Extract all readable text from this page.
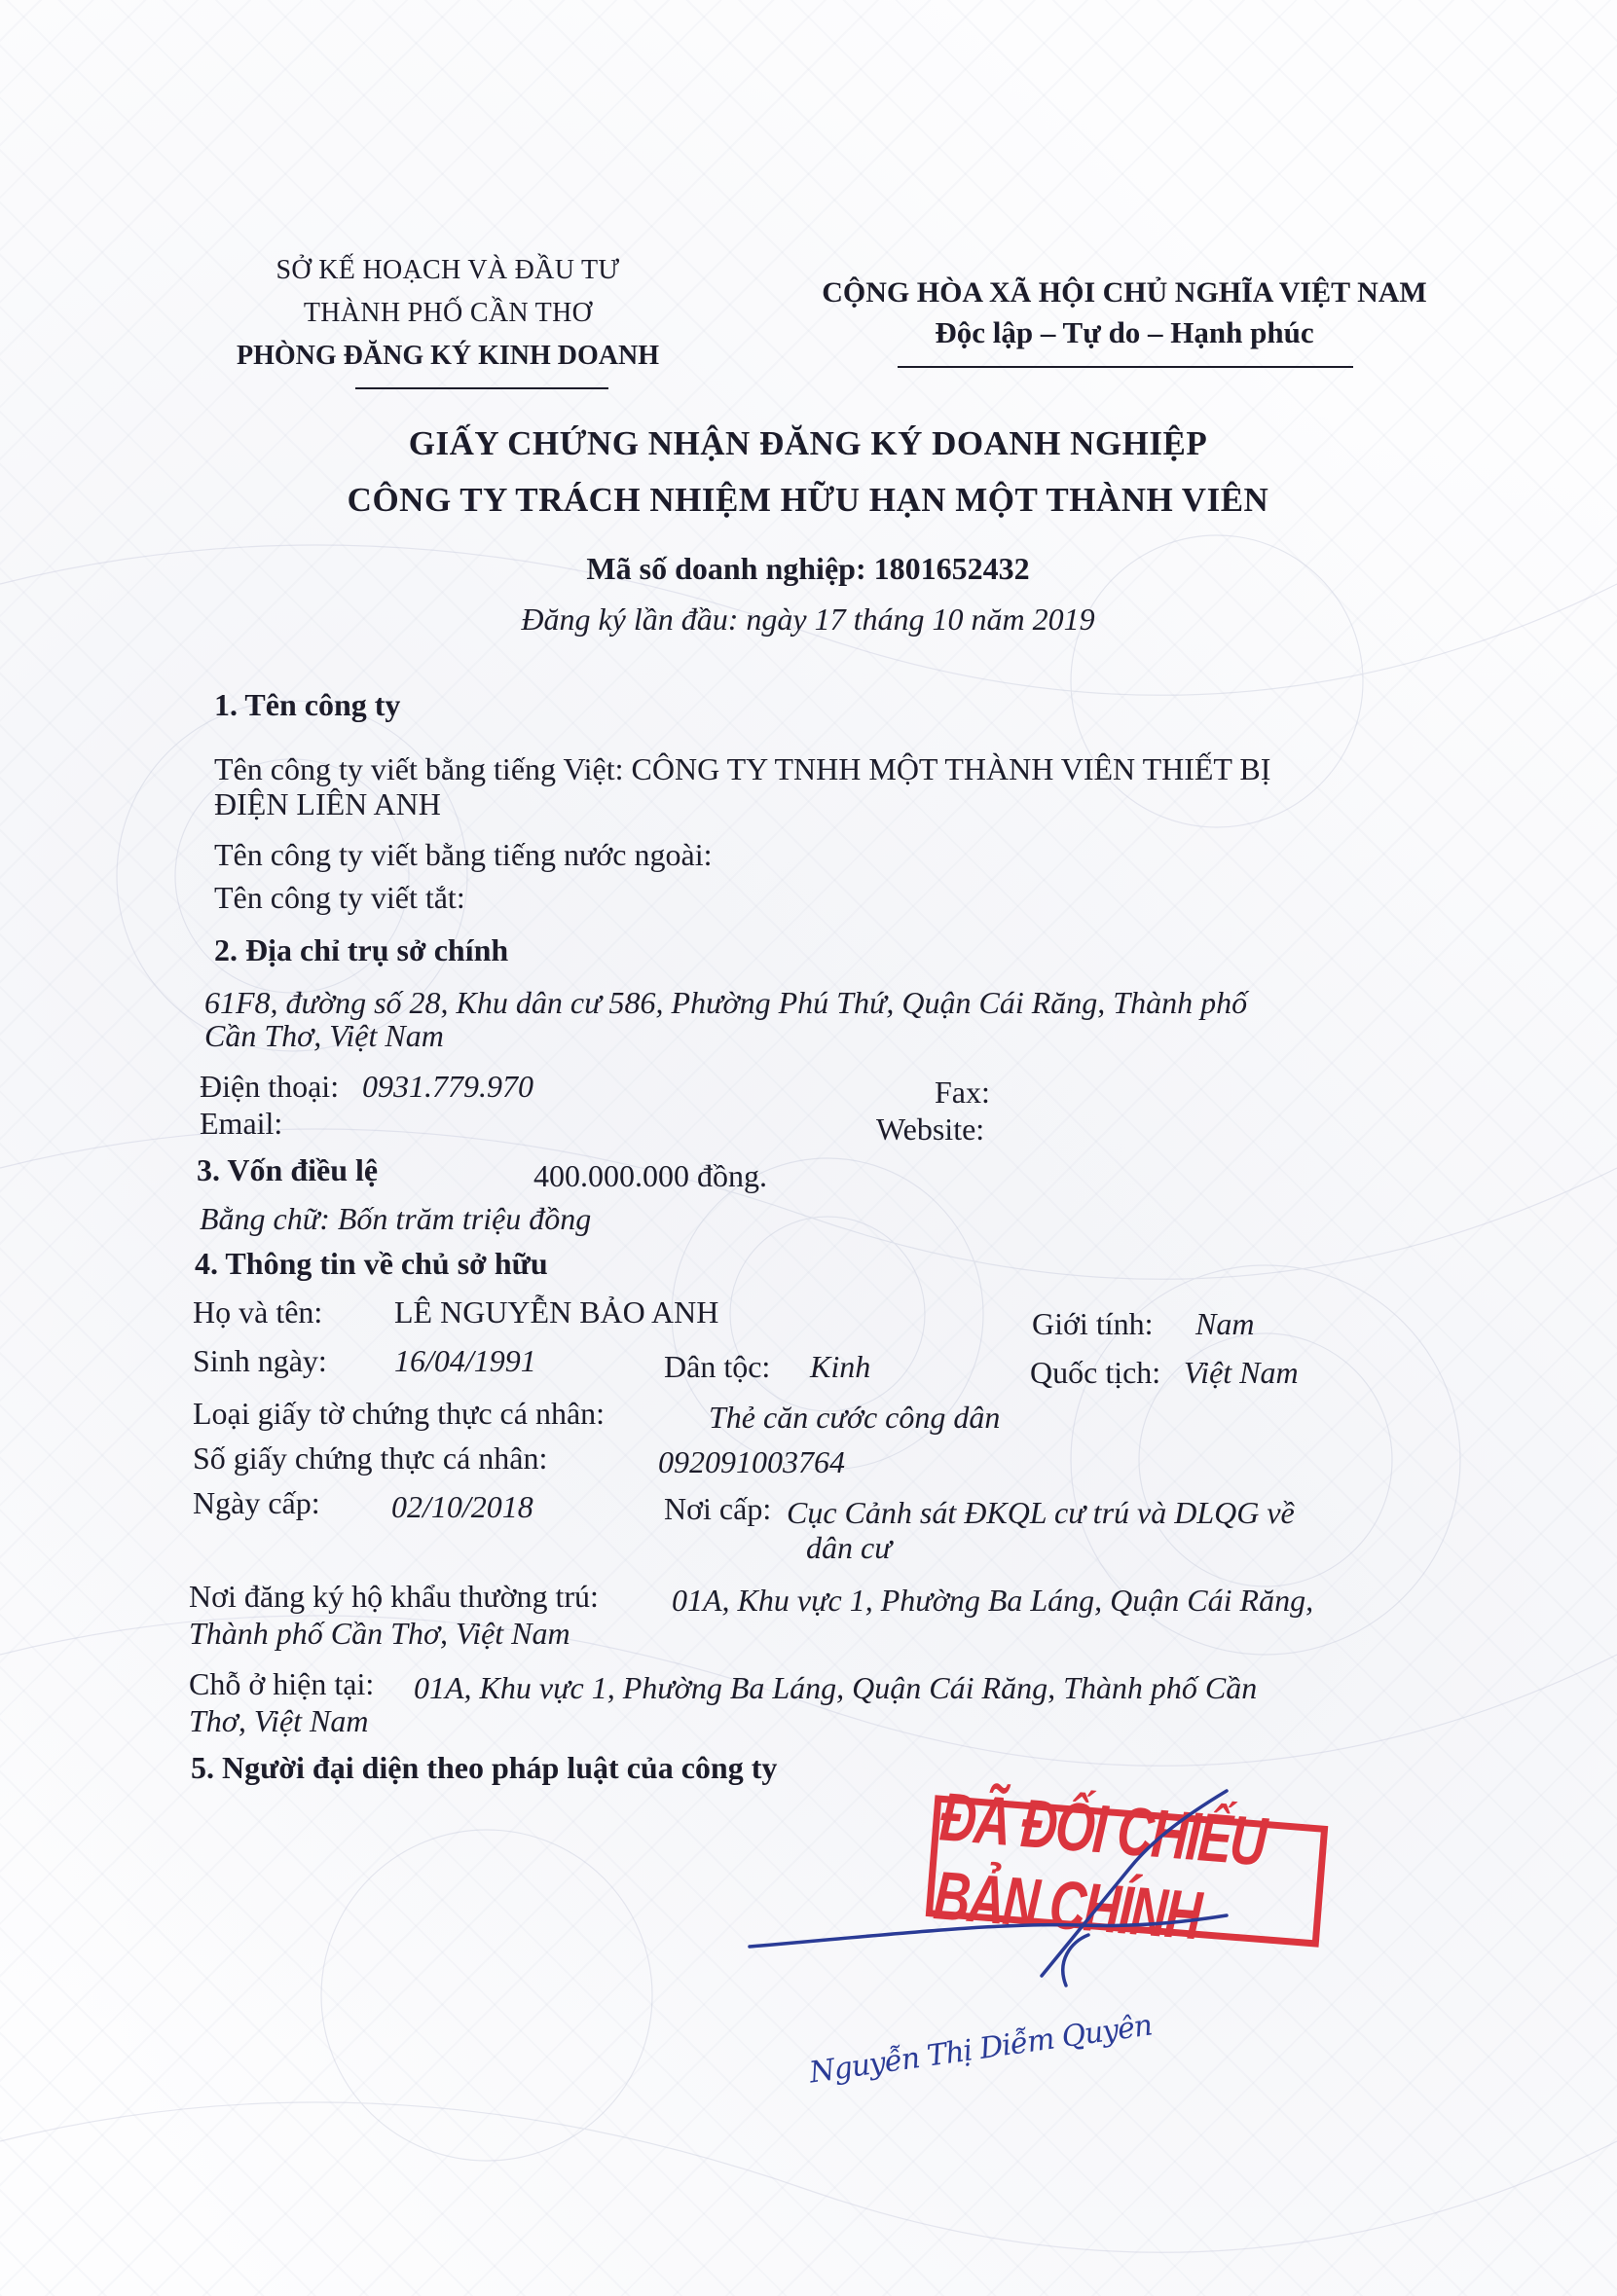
SỞ KẾ HOẠCH VÀ ĐẦU TƯ
THÀNH PHỐ CẦN THƠ
PHÒNG ĐĂNG KÝ KINH DOANH
CỘNG HÒA XÃ HỘI CHỦ NGHĨA VIỆT NAM
Độc lập – Tự do – Hạnh phúc
GIẤY CHỨNG NHẬN ĐĂNG KÝ DOANH NGHIỆP
CÔNG TY TRÁCH NHIỆM HỮU HẠN MỘT THÀNH VIÊN
Mã số doanh nghiệp: 1801652432
Đăng ký lần đầu: ngày 17 tháng 10 năm 2019
1. Tên công ty
Tên công ty viết bằng tiếng Việt: CÔNG TY TNHH MỘT THÀNH VIÊN THIẾT BỊ
ĐIỆN LIÊN ANH
Tên công ty viết bằng tiếng nước ngoài:
Tên công ty viết tắt:
2. Địa chỉ trụ sở chính
61F8, đường số 28, Khu dân cư 586, Phường Phú Thứ, Quận Cái Răng, Thành phố
Cần Thơ, Việt Nam
Điện thoại: 0931.779.970	Fax:
Email:	Website:
3. Vốn điều lệ	400.000.000 đồng.
Bằng chữ: Bốn trăm triệu đồng
4. Thông tin về chủ sở hữu
Họ và tên: LÊ NGUYỄN BẢO ANH	Giới tính: Nam
Sinh ngày: 16/04/1991	Dân tộc: Kinh	Quốc tịch: Việt Nam
Loại giấy tờ chứng thực cá nhân:	Thẻ căn cước công dân
Số giấy chứng thực cá nhân:	092091003764
Ngày cấp: 02/10/2018	Nơi cấp: Cục Cảnh sát ĐKQL cư trú và DLQG về
dân cư
Nơi đăng ký hộ khẩu thường trú: 01A, Khu vực 1, Phường Ba Láng, Quận Cái Răng,
Thành phố Cần Thơ, Việt Nam
Chỗ ở hiện tại: 01A, Khu vực 1, Phường Ba Láng, Quận Cái Răng, Thành phố Cần
Thơ, Việt Nam
5. Người đại diện theo pháp luật của công ty
ĐÃ ĐỐI CHIẾU BẢN CHÍNH
Nguyễn Thị Diễm Quyên
